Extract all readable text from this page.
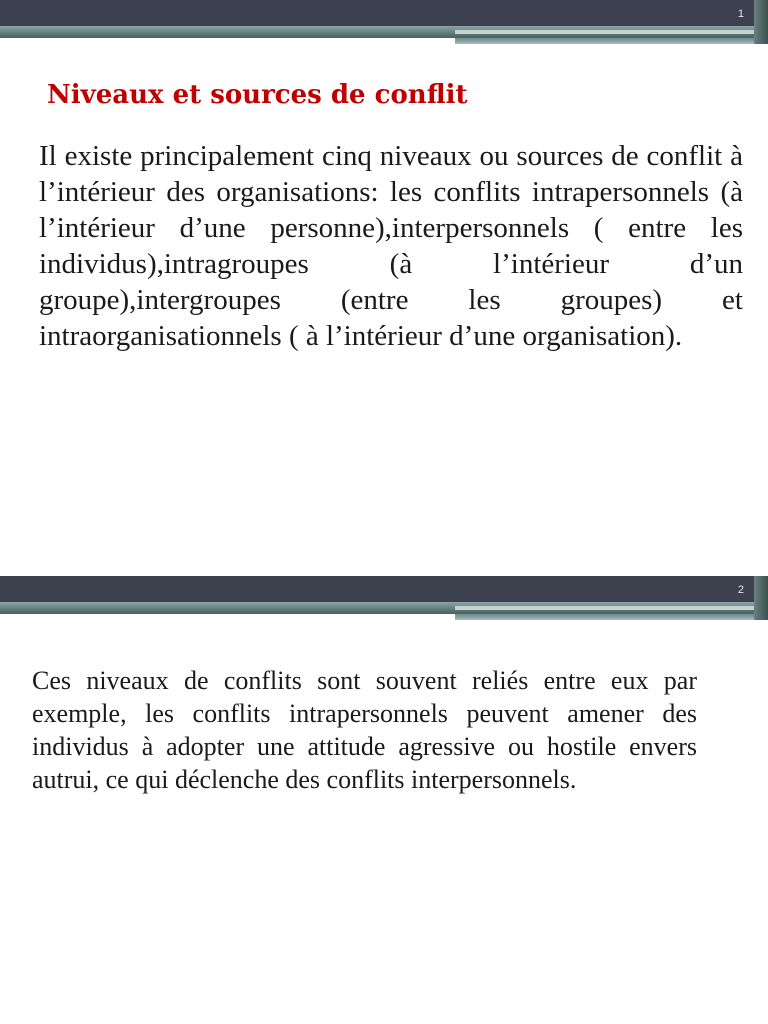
1
Niveaux et sources de conflit

Il existe principalement cinq niveaux ou sources de conflit à l’intérieur des organisations: les conflits intrapersonnels (à l’intérieur d’une personne),interpersonnels ( entre les individus),intragroupes (à l’intérieur d’un groupe),intergroupes (entre les groupes) et intraorganisationnels ( à l’intérieur d’une organisation).

2

Ces niveaux de conflits sont souvent reliés entre eux par exemple, les conflits intrapersonnels peuvent amener des individus à adopter une attitude agressive ou hostile envers autrui, ce qui déclenche des conflits interpersonnels.
